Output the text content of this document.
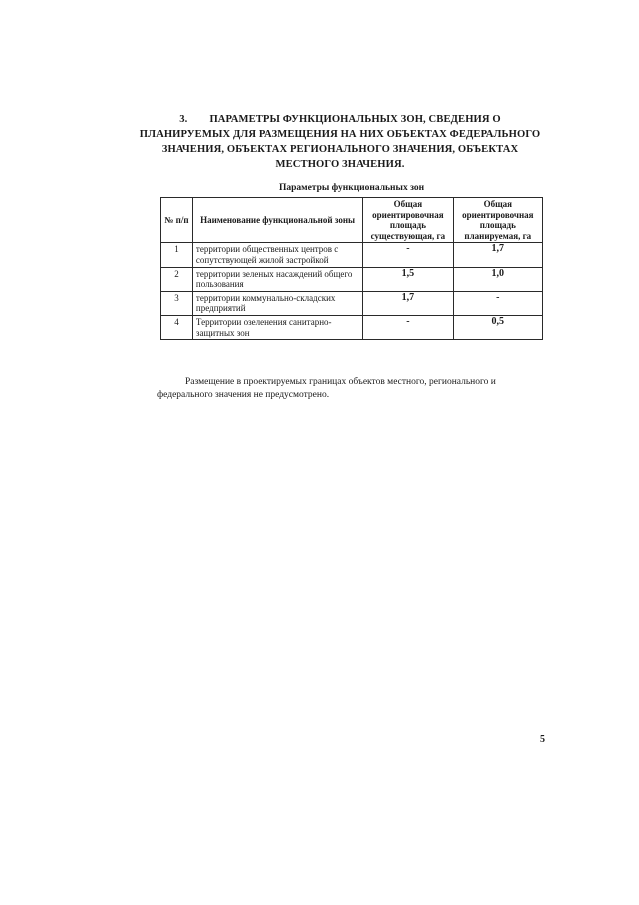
3. ПАРАМЕТРЫ ФУНКЦИОНАЛЬНЫХ ЗОН, СВЕДЕНИЯ О
ПЛАНИРУЕМЫХ ДЛЯ РАЗМЕЩЕНИЯ НА НИХ ОБЪЕКТАХ ФЕДЕРАЛЬНОГО ЗНАЧЕНИЯ, ОБЪЕКТАХ РЕГИОНАЛЬНОГО ЗНАЧЕНИЯ, ОБЪЕКТАХ МЕСТНОГО ЗНАЧЕНИЯ.

Параметры функциональных зон

№ п/п	Наименование функциональной зоны	Общая ориентировочная площадь существующая, га	Общая ориентировочная площадь планируемая, га
1	территории общественных центров с сопутствующей жилой застройкой	-	1,7
2	территории зеленых насаждений общего пользования	1,5	1,0
3	территории коммунально-складских предприятий	1,7	-
4	Территории озеленения санитарно-защитных зон	-	0,5

Размещение в проектируемых границах объектов местного, регионального и федерального значения не предусмотрено.

5
